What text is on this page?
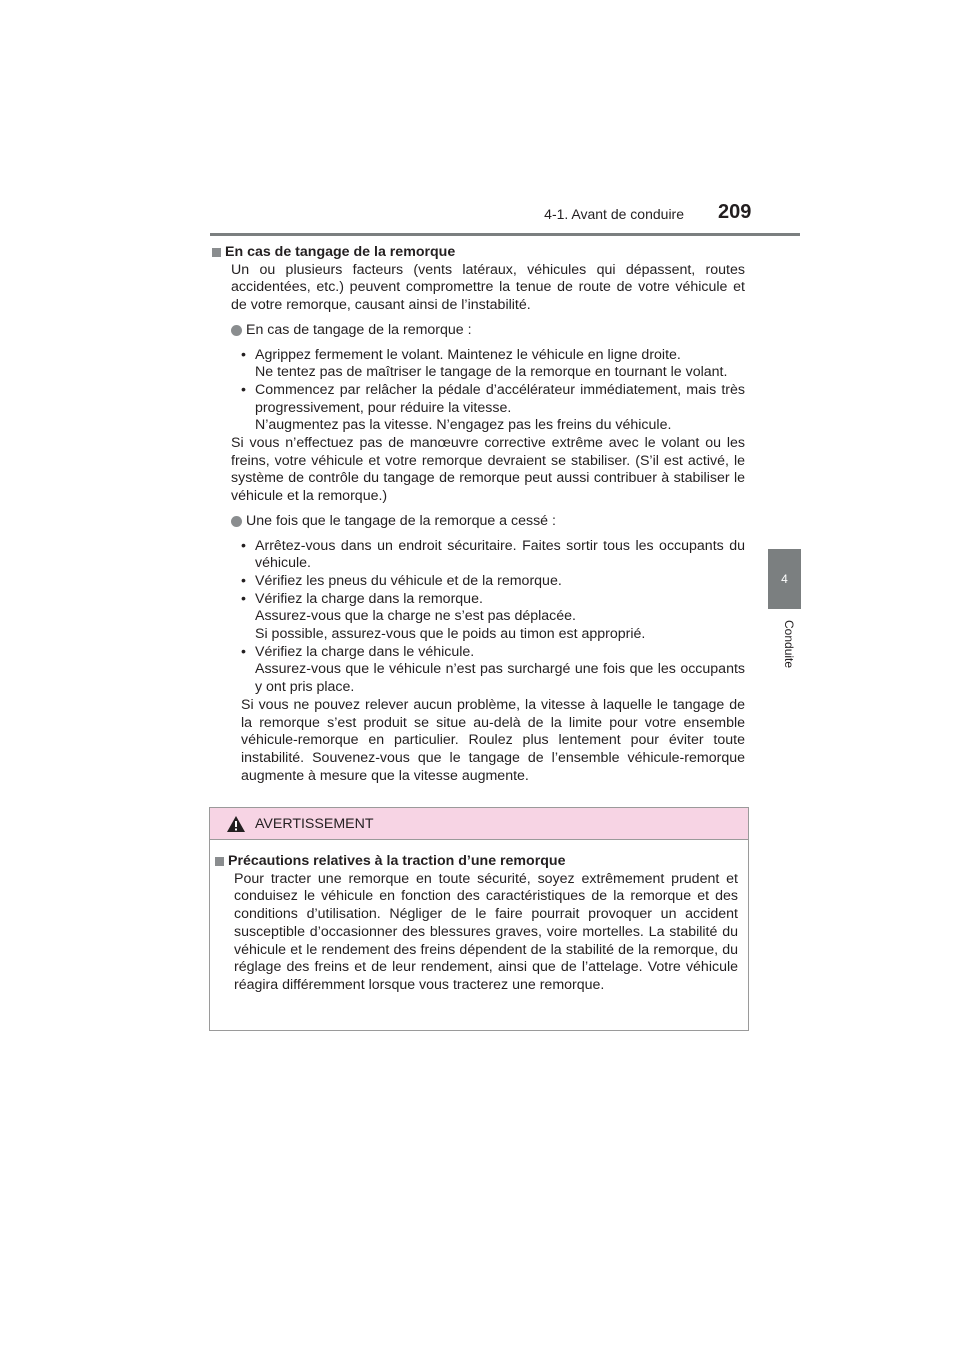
4-1. Avant de conduire 209
4
Conduite
En cas de tangage de la remorque
Un ou plusieurs facteurs (vents latéraux, véhicules qui dépassent, routes accidentées, etc.) peuvent compromettre la tenue de route de votre véhicule et de votre remorque, causant ainsi de l’instabilité.
En cas de tangage de la remorque :
• Agrippez fermement le volant. Maintenez le véhicule en ligne droite.
Ne tentez pas de maîtriser le tangage de la remorque en tournant le volant.
• Commencez par relâcher la pédale d’accélérateur immédiatement, mais très progressivement, pour réduire la vitesse.
N’augmentez pas la vitesse. N’engagez pas les freins du véhicule.
Si vous n’effectuez pas de manœuvre corrective extrême avec le volant ou les freins, votre véhicule et votre remorque devraient se stabiliser. (S’il est activé, le système de contrôle du tangage de remorque peut aussi contribuer à stabiliser le véhicule et la remorque.)
Une fois que le tangage de la remorque a cessé :
• Arrêtez-vous dans un endroit sécuritaire. Faites sortir tous les occupants du véhicule.
• Vérifiez les pneus du véhicule et de la remorque.
• Vérifiez la charge dans la remorque.
Assurez-vous que la charge ne s’est pas déplacée.
Si possible, assurez-vous que le poids au timon est approprié.
• Vérifiez la charge dans le véhicule.
Assurez-vous que le véhicule n’est pas surchargé une fois que les occupants y ont pris place.
Si vous ne pouvez relever aucun problème, la vitesse à laquelle le tangage de la remorque s’est produit se situe au-delà de la limite pour votre ensemble véhicule-remorque en particulier. Roulez plus lentement pour éviter toute instabilité. Souvenez-vous que le tangage de l’ensemble véhicule-remorque augmente à mesure que la vitesse augmente.
AVERTISSEMENT
Précautions relatives à la traction d’une remorque
Pour tracter une remorque en toute sécurité, soyez extrêmement prudent et conduisez le véhicule en fonction des caractéristiques de la remorque et des conditions d’utilisation. Négliger de le faire pourrait provoquer un accident susceptible d’occasionner des blessures graves, voire mortelles. La stabilité du véhicule et le rendement des freins dépendent de la stabilité de la remorque, du réglage des freins et de leur rendement, ainsi que de l’attelage. Votre véhicule réagira différemment lorsque vous tracterez une remorque.
